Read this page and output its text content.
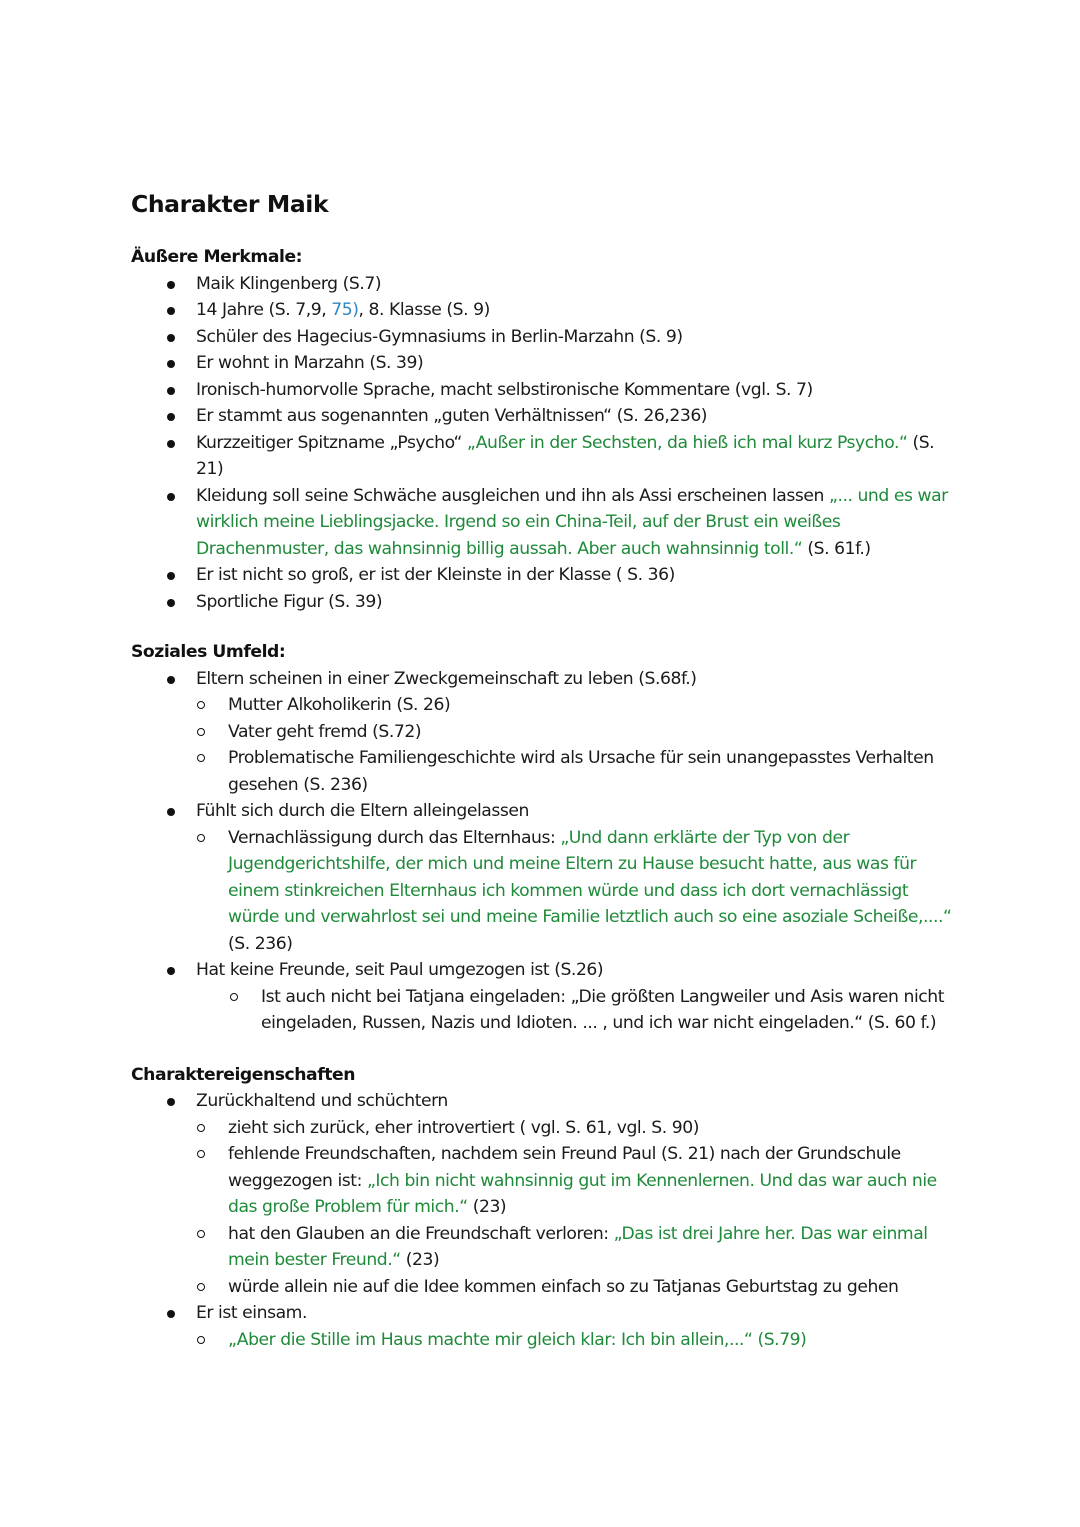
Charakter Maik
Äußere Merkmale:
Maik Klingenberg (S.7)
14 Jahre (S. 7,9, 75), 8. Klasse (S. 9)
Schüler des Hagecius-Gymnasiums in Berlin-Marzahn (S. 9)
Er wohnt in Marzahn (S. 39)
Ironisch-humorvolle Sprache, macht selbstironische Kommentare (vgl. S. 7)
Er stammt aus sogenannten „guten Verhältnissen“ (S. 26,236)
Kurzzeitiger Spitzname „Psycho“ „Außer in der Sechsten, da hieß ich mal kurz Psycho.“ (S. 21)
Kleidung soll seine Schwäche ausgleichen und ihn als Assi erscheinen lassen „... und es war wirklich meine Lieblingsjacke. Irgend so ein China-Teil, auf der Brust ein weißes Drachenmuster, das wahnsinnig billig aussah. Aber auch wahnsinnig toll.“ (S. 61f.)
Er ist nicht so groß, er ist der Kleinste in der Klasse ( S. 36)
Sportliche Figur (S. 39)
Soziales Umfeld:
Eltern scheinen in einer Zweckgemeinschaft zu leben (S.68f.)
Mutter Alkoholikerin (S. 26)
Vater geht fremd (S.72)
Problematische Familiengeschichte wird als Ursache für sein unangepasstes Verhalten gesehen (S. 236)
Fühlt sich durch die Eltern alleingelassen
Vernachlässigung durch das Elternhaus: „Und dann erklärte der Typ von der Jugendgerichtshilfe, der mich und meine Eltern zu Hause besucht hatte, aus was für einem stinkreichen Elternhaus ich kommen würde und dass ich dort vernachlässigt würde und verwahrlost sei und meine Familie letztlich auch so eine asoziale Scheiße,....“ (S. 236)
Hat keine Freunde, seit Paul umgezogen ist (S.26)
Ist auch nicht bei Tatjana eingeladen: „Die größten Langweiler und Asis waren nicht eingeladen, Russen, Nazis und Idioten. ... , und ich war nicht eingeladen.“ (S. 60 f.)
Charaktereigenschaften
Zurückhaltend und schüchtern
zieht sich zurück, eher introvertiert ( vgl. S. 61, vgl. S. 90)
fehlende Freundschaften, nachdem sein Freund Paul (S. 21) nach der Grundschule weggezogen ist: „Ich bin nicht wahnsinnig gut im Kennenlernen. Und das war auch nie das große Problem für mich.“ (23)
hat den Glauben an die Freundschaft verloren: „Das ist drei Jahre her. Das war einmal mein bester Freund.“ (23)
würde allein nie auf die Idee kommen einfach so zu Tatjanas Geburtstag zu gehen
Er ist einsam.
„Aber die Stille im Haus machte mir gleich klar: Ich bin allein,...“ (S.79)
